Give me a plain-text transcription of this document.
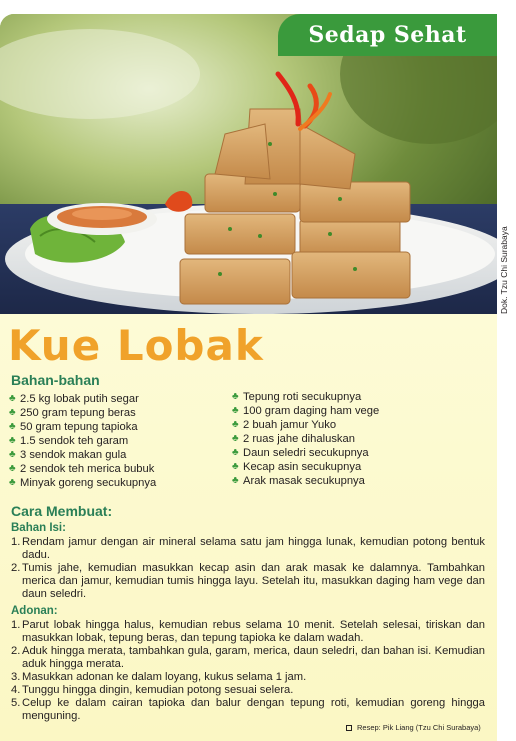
Sedap Sehat
Dok. Tzu Chi Surabaya
Kue Lobak
Bahan-bahan
♣ 2.5 kg lobak putih segar
♣ 250 gram tepung beras
♣ 50 gram tepung tapioka
♣ 1.5 sendok teh garam
♣ 3 sendok makan gula
♣ 2 sendok teh merica bubuk
♣ Minyak goreng secukupnya
♣ Tepung roti secukupnya
♣ 100 gram daging ham vege
♣ 2 buah jamur Yuko
♣ 2 ruas jahe dihaluskan
♣ Daun seledri secukupnya
♣ Kecap asin secukupnya
♣ Arak masak secukupnya
Cara Membuat:
Bahan Isi:
1. Rendam jamur dengan air mineral selama satu jam hingga lunak, kemudian potong bentuk dadu.
2. Tumis jahe, kemudian masukkan kecap asin dan arak masak ke dalamnya. Tambahkan merica dan jamur, kemudian tumis hingga layu. Setelah itu, masukkan daging ham vege dan daun seledri.
Adonan:
1. Parut lobak hingga halus, kemudian rebus selama 10 menit. Setelah selesai, tiriskan dan masukkan lobak, tepung beras, dan tepung tapioka ke dalam wadah.
2. Aduk hingga merata, tambahkan gula, garam, merica, daun seledri, dan bahan isi. Kemudian aduk hingga merata.
3. Masukkan adonan ke dalam loyang, kukus selama 1 jam.
4. Tunggu hingga dingin, kemudian potong sesuai selera.
5. Celup ke dalam cairan tapioka dan balur dengan tepung roti, kemudian goreng hingga menguning.
Resep: Pik Liang (Tzu Chi Surabaya)
